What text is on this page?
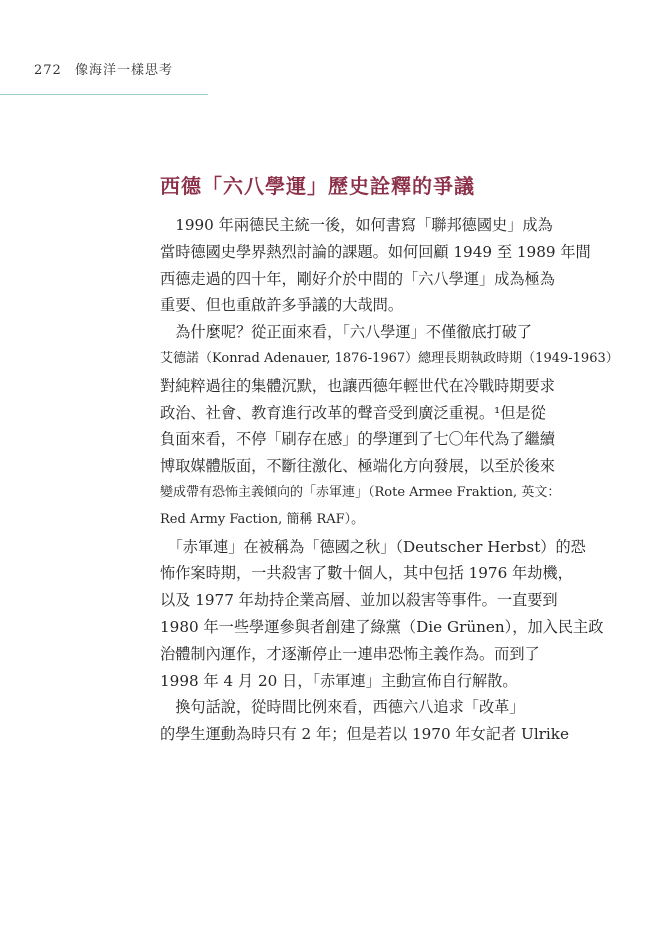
272 像海洋一樣思考
西德「六八學運」歷史詮釋的爭議
　1990 年兩德民主統一後，如何書寫「聯邦德國史」成為
當時德國史學界熱烈討論的課題。如何回顧 1949 至 1989 年間
西德走過的四十年，剛好介於中間的「六八學運」成為極為
重要、但也重啟許多爭議的大哉問。
　為什麼呢？從正面來看，「六八學運」不僅徹底打破了
艾德諾（Konrad Adenauer, 1876-1967）總理長期執政時期（1949-1963）
對純粹過往的集體沉默，也讓西德年輕世代在冷戰時期要求
政治、社會、教育進行改革的聲音受到廣泛重視。¹但是從
負面來看，不停「刷存在感」的學運到了七〇年代為了繼續
博取媒體版面，不斷往激化、極端化方向發展，以至於後來
變成帶有恐怖主義傾向的「赤軍連」（Rote Armee Fraktion, 英文：
Red Army Faction, 簡稱 RAF）。
　「赤軍連」在被稱為「德國之秋」（Deutscher Herbst）的恐
怖作案時期，一共殺害了數十個人，其中包括 1976 年劫機，
以及 1977 年劫持企業高層、並加以殺害等事件。一直要到
1980 年一些學運參與者創建了綠黨（Die Grünen），加入民主政
治體制內運作，才逐漸停止一連串恐怖主義作為。而到了
1998 年 4 月 20 日，「赤軍連」主動宣佈自行解散。
　換句話說，從時間比例來看，西德六八追求「改革」
的學生運動為時只有 2 年；但是若以 1970 年女記者 Ulrike
